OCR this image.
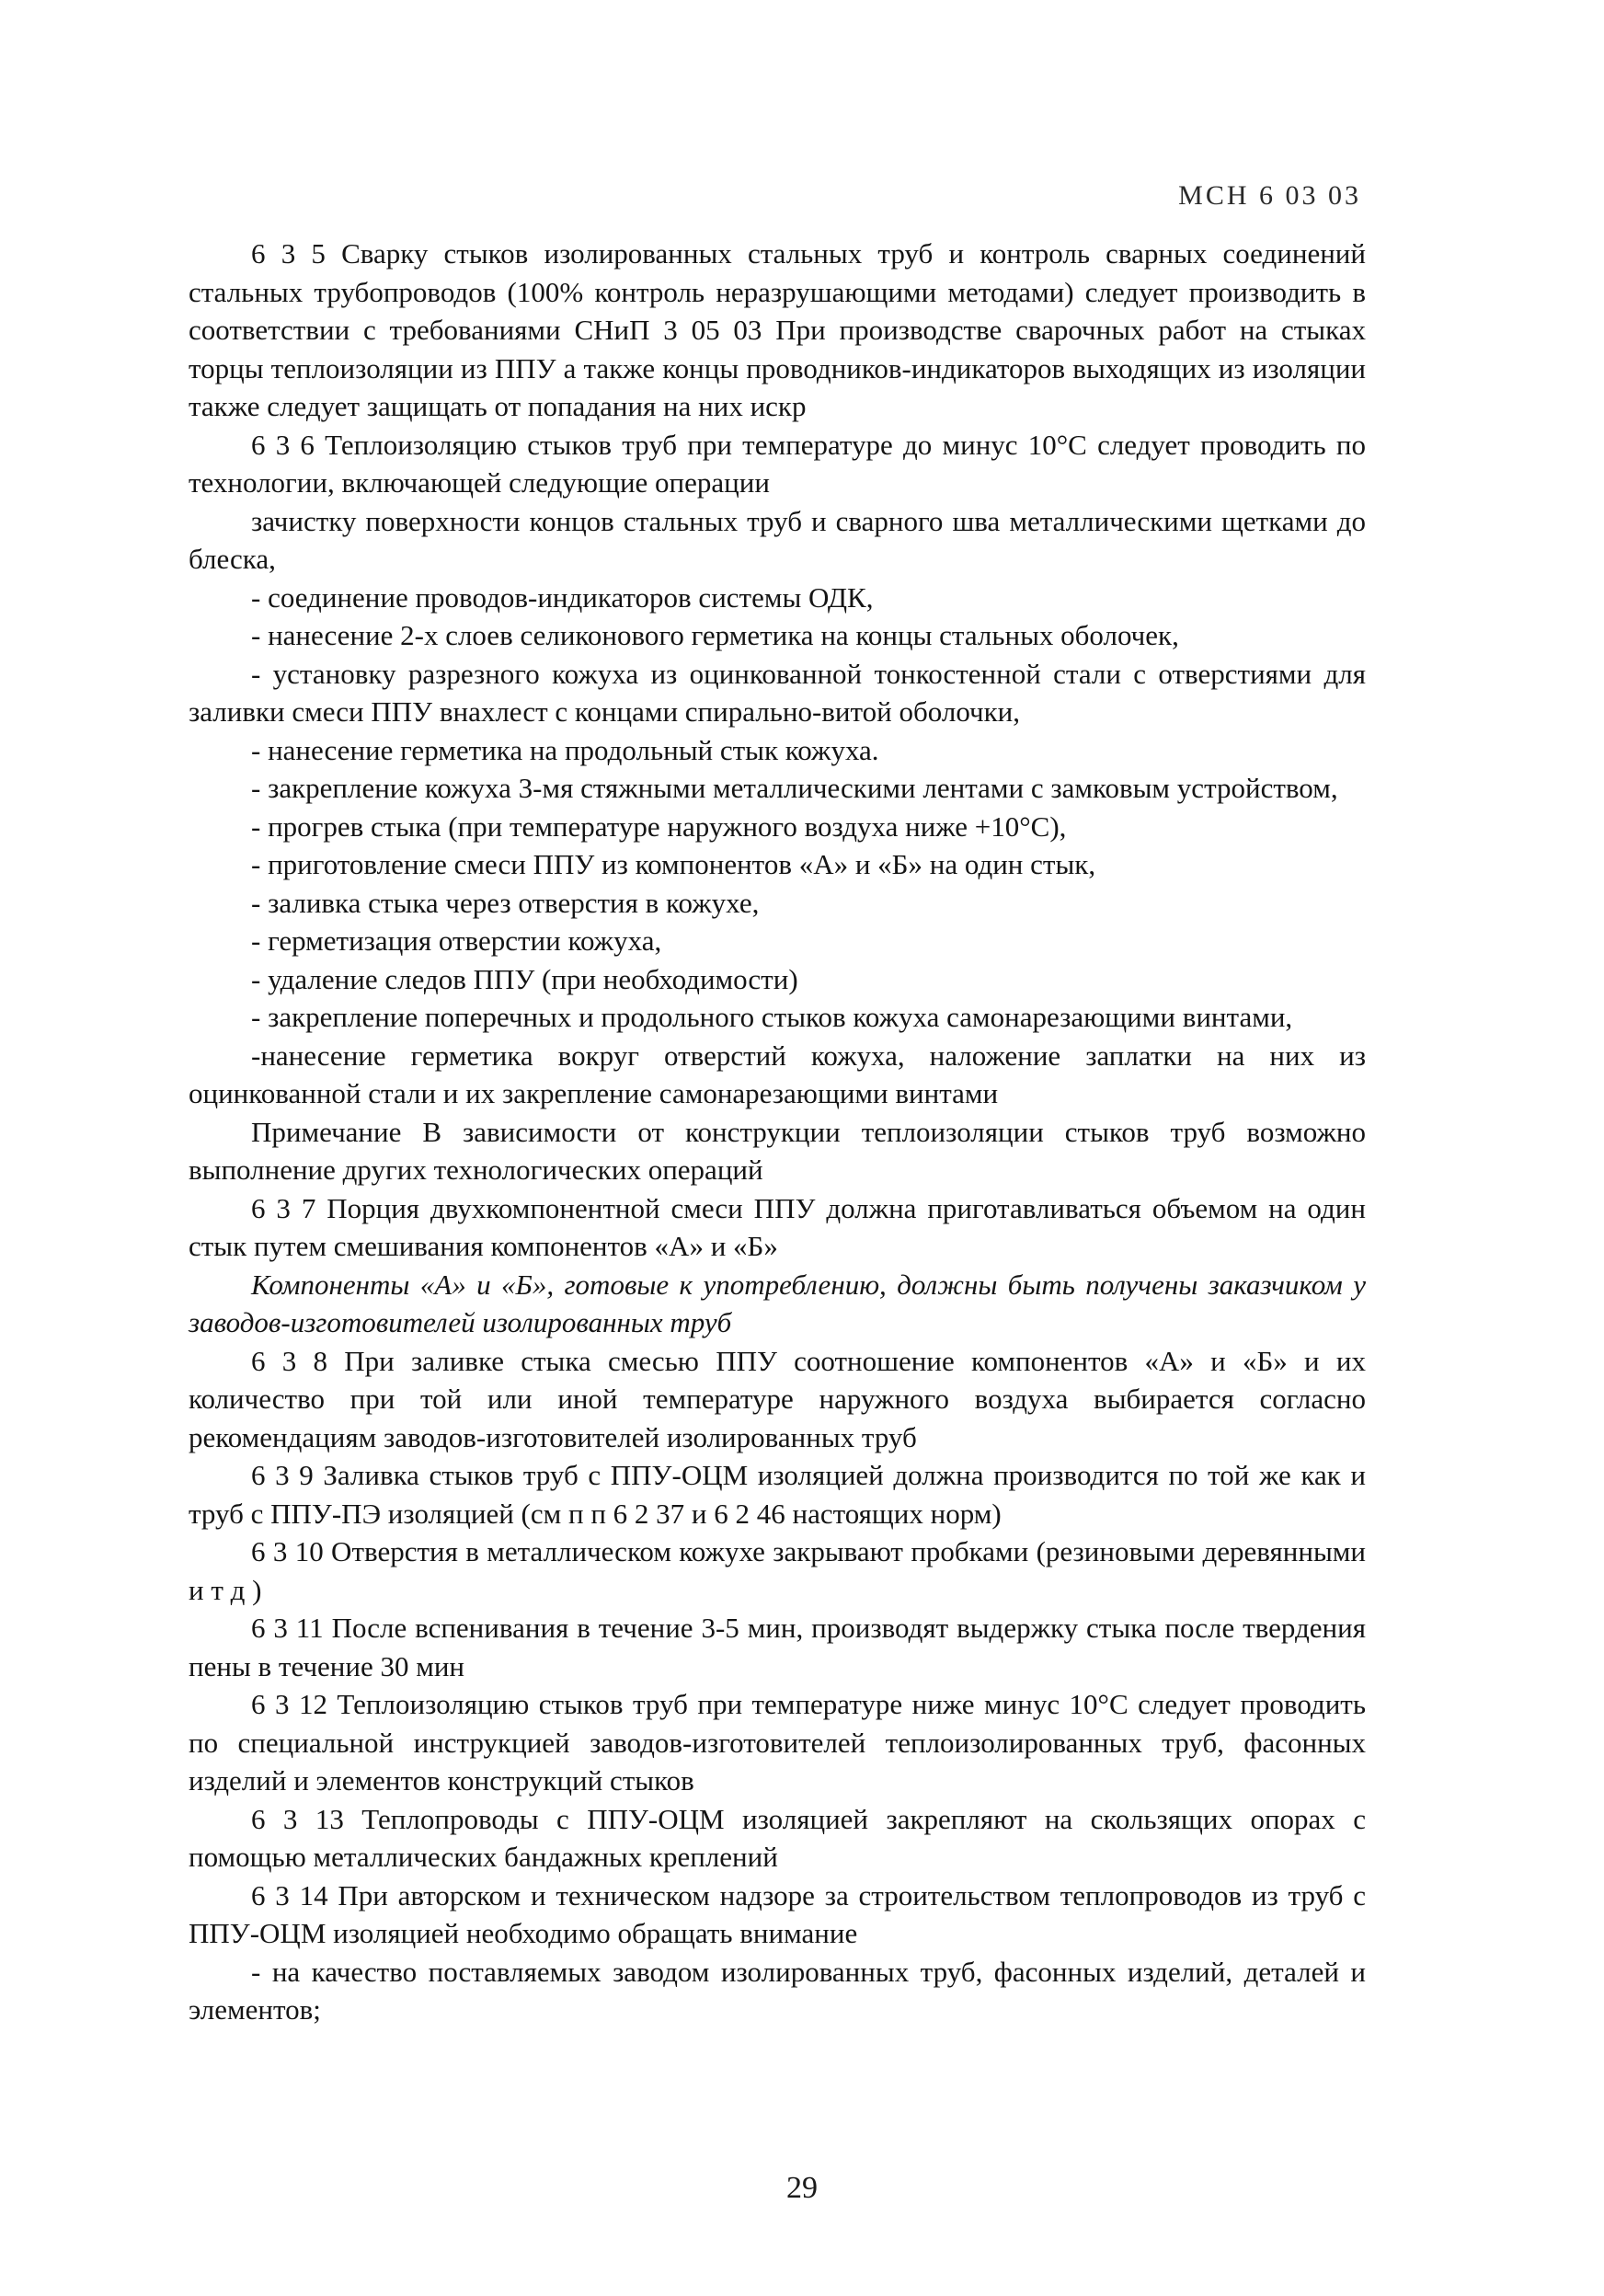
МСН 6 03 03

6 3 5 Сварку стыков изолированных стальных труб и контроль сварных соединений стальных трубопроводов (100% контроль неразрушающими методами) следует производить в соответствии с требованиями СНиП 3 05 03 При производстве сварочных работ на стыках торцы теплоизоляции из ППУ а также концы проводников-индикаторов выходящих из изоляции также следует защищать от попадания на них искр

6 3 6 Теплоизоляцию стыков труб при температуре до минус 10°С следует проводить по технологии, включающей следующие операции

зачистку поверхности концов стальных труб и сварного шва металлическими щетками до блеска,

- соединение проводов-индикаторов системы ОДК,

- нанесение 2-х слоев селиконового герметика на концы стальных оболочек,

- установку разрезного кожуха из оцинкованной тонкостенной стали с отверстиями для заливки смеси ППУ внахлест с концами спирально-витой оболочки,

- нанесение герметика на продольный стык кожуха.

- закрепление кожуха 3-мя стяжными металлическими лентами с замковым устройством,

- прогрев стыка (при температуре наружного воздуха ниже +10°С),

- приготовление смеси ППУ из компонентов «А» и «Б» на один стык,

- заливка стыка через отверстия в кожухе,

- герметизация отверстии кожуха,

- удаление следов ППУ (при необходимости)

- закрепление поперечных и продольного стыков кожуха самонарезающими винтами,

-нанесение герметика вокруг отверстий кожуха, наложение заплатки на них из оцинкованной стали и их закрепление самонарезающими винтами

Примечание В зависимости от конструкции теплоизоляции стыков труб возможно выполнение других технологических операций

6 3 7 Порция двухкомпонентной смеси ППУ должна приготавливаться объемом на один стык путем смешивания компонентов «А» и «Б»

Компоненты «А» и «Б», готовые к употреблению, должны быть получены заказчиком у заводов-изготовителей изолированных труб

6 3 8 При заливке стыка смесью ППУ соотношение компонентов «А» и «Б» и их количество при той или иной температуре наружного воздуха выбирается согласно рекомендациям заводов-изготовителей изолированных труб

6 3 9 Заливка стыков труб с ППУ-ОЦМ изоляцией должна производится по той же как и труб с ППУ-ПЭ изоляцией (см п п 6 2 37 и 6 2 46 настоящих норм)

6 3 10 Отверстия в металлическом кожухе закрывают пробками (резиновыми деревянными и т д )

6 3 11 После вспенивания в течение 3-5 мин, производят выдержку стыка после твердения пены в течение 30 мин

6 3 12 Теплоизоляцию стыков труб при температуре ниже минус 10°С следует проводить по специальной инструкцией заводов-изготовителей теплоизолированных труб, фасонных изделий и элементов конструкций стыков

6 3 13 Теплопроводы с ППУ-ОЦМ изоляцией закрепляют на скользящих опорах с помощью металлических бандажных креплений

6 3 14 При авторском и техническом надзоре за строительством теплопроводов из труб с ППУ-ОЦМ изоляцией необходимо обращать внимание

- на качество поставляемых заводом изолированных труб, фасонных изделий, деталей и элементов;

29
